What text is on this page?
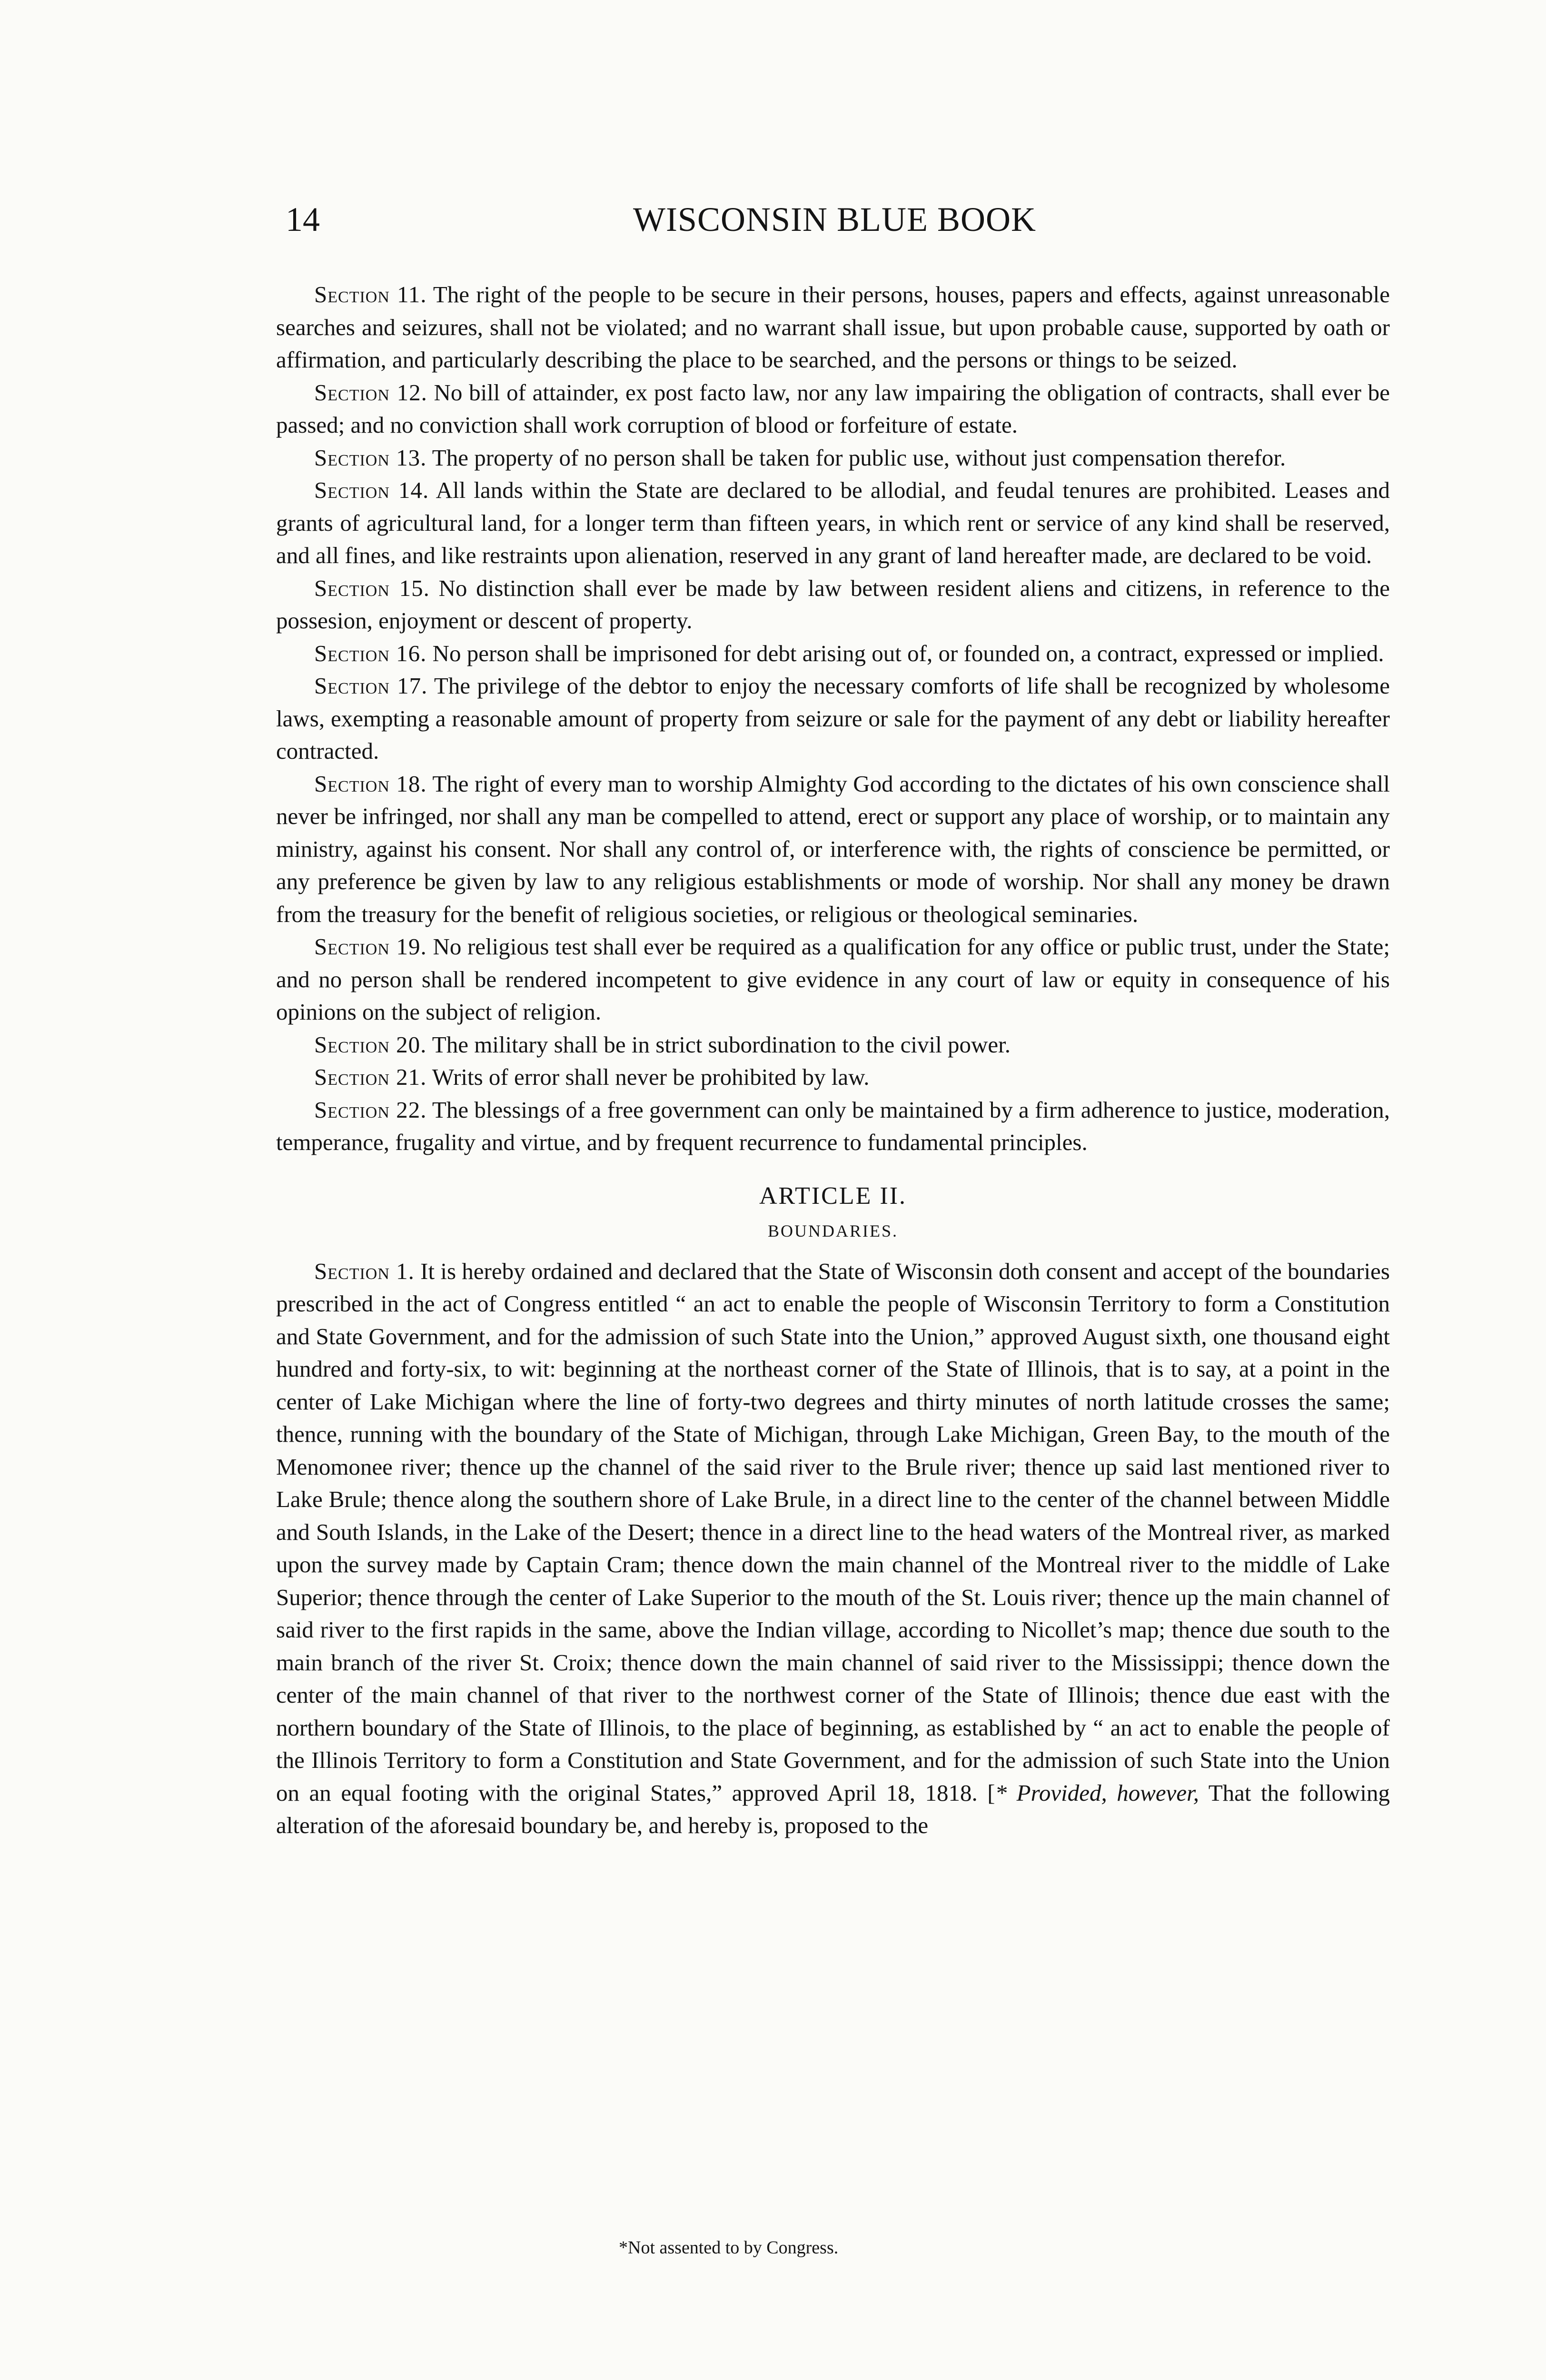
14	WISCONSIN BLUE BOOK

Section 11. The right of the people to be secure in their persons, houses, papers and effects, against unreasonable searches and seizures, shall not be violated; and no warrant shall issue, but upon probable cause, supported by oath or affirmation, and particularly describing the place to be searched, and the persons or things to be seized.

Section 12. No bill of attainder, ex post facto law, nor any law impairing the obligation of contracts, shall ever be passed; and no conviction shall work corruption of blood or forfeiture of estate.

Section 13. The property of no person shall be taken for public use, without just compensation therefor.

Section 14. All lands within the State are declared to be allodial, and feudal tenures are prohibited. Leases and grants of agricultural land, for a longer term than fifteen years, in which rent or service of any kind shall be reserved, and all fines, and like restraints upon alienation, reserved in any grant of land hereafter made, are declared to be void.

Section 15. No distinction shall ever be made by law between resident aliens and citizens, in reference to the possesion, enjoyment or descent of property.

Section 16. No person shall be imprisoned for debt arising out of, or founded on, a contract, expressed or implied.

Section 17. The privilege of the debtor to enjoy the necessary comforts of life shall be recognized by wholesome laws, exempting a reasonable amount of property from seizure or sale for the payment of any debt or liability hereafter contracted.

Section 18. The right of every man to worship Almighty God according to the dictates of his own conscience shall never be infringed, nor shall any man be compelled to attend, erect or support any place of worship, or to maintain any ministry, against his consent. Nor shall any control of, or interference with, the rights of conscience be permitted, or any preference be given by law to any religious establishments or mode of worship. Nor shall any money be drawn from the treasury for the benefit of religious societies, or religious or theological seminaries.

Section 19. No religious test shall ever be required as a qualification for any office or public trust, under the State; and no person shall be rendered incompetent to give evidence in any court of law or equity in consequence of his opinions on the subject of religion.

Section 20. The military shall be in strict subordination to the civil power.

Section 21. Writs of error shall never be prohibited by law.

Section 22. The blessings of a free government can only be maintained by a firm adherence to justice, moderation, temperance, frugality and virtue, and by frequent recurrence to fundamental principles.

ARTICLE II.

BOUNDARIES.

Section 1. It is hereby ordained and declared that the State of Wisconsin doth consent and accept of the boundaries prescribed in the act of Congress entitled “ an act to enable the people of Wisconsin Territory to form a Constitution and State Government, and for the admission of such State into the Union,” approved August sixth, one thousand eight hundred and forty-six, to wit: beginning at the northeast corner of the State of Illinois, that is to say, at a point in the center of Lake Michigan where the line of forty-two degrees and thirty minutes of north latitude crosses the same; thence, running with the boundary of the State of Michigan, through Lake Michigan, Green Bay, to the mouth of the Menomonee river; thence up the channel of the said river to the Brule river; thence up said last mentioned river to Lake Brule; thence along the southern shore of Lake Brule, in a direct line to the center of the channel between Middle and South Islands, in the Lake of the Desert; thence in a direct line to the head waters of the Montreal river, as marked upon the survey made by Captain Cram; thence down the main channel of the Montreal river to the middle of Lake Superior; thence through the center of Lake Superior to the mouth of the St. Louis river; thence up the main channel of said river to the first rapids in the same, above the Indian village, according to Nicollet’s map; thence due south to the main branch of the river St. Croix; thence down the main channel of said river to the Mississippi; thence down the center of the main channel of that river to the northwest corner of the State of Illinois; thence due east with the northern boundary of the State of Illinois, to the place of beginning, as established by “ an act to enable the people of the Illinois Territory to form a Constitution and State Government, and for the admission of such State into the Union on an equal footing with the original States,” approved April 18, 1818. [* Provided, however, That the following alteration of the aforesaid boundary be, and hereby is, proposed to the

*Not assented to by Congress.
